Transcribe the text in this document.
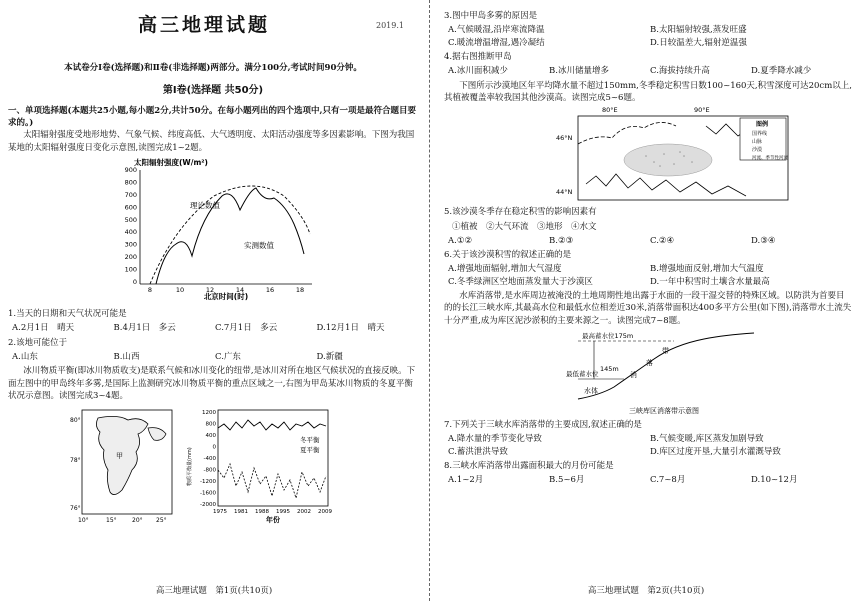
高三地理试题	2019.1
本试卷分Ⅰ卷(选择题)和Ⅱ卷(非选择题)两部分。满分100分,考试时间90分钟。
第Ⅰ卷(选择题 共50分)
一、单项选择题(本题共25小题,每小题2分,共计50分。在每小题列出的四个选项中,只有一项是最符合题目要求的。)
太阳辐射强度受地形地势、气象气候、纬度高低、大气透明度、太阳活动强度等多因素影响。下图为我国某地的太阳辐射强度日变化示意图,读图完成1~2题。
太阳辐射强度(W/m²)
900
800
700
600
500
400
300
200
100
0
8	10	12	14	16	18
理论数值
实测数值
北京时间(时)
1.当天的日期和天气状况可能是
A.2月1日　晴天	B.4月1日　多云	C.7月1日　多云	D.12月1日　晴天
2.该地可能位于
A.山东	B.山西	C.广东	D.新疆
冰川物质平衡(即冰川物质收支)是联系气候和冰川变化的纽带,是冰川对所在地区气候状况的直接反映。下面左图中的甲岛终年多雾,是国际上监测研究冰川物质平衡的重点区域之一,右图为甲岛某冰川物质的冬夏平衡状况示意图。读图完成3~4题。
80°
78°
76°
10°	15°	20° 25°
甲
1200
800
400
0
-400
-800
-1200
-1600
-2000
1975 1981 1988 1995 2002 2009
冬平衡
夏平衡
年份
物质平衡量(mm)
高三地理试题　第1页(共10页)
3.图中甲岛多雾的原因是
A.气候暖湿,沿岸寒流降温	B.太阳辐射较强,蒸发旺盛
C.暖流增温增湿,遇冷凝结	D.日较温差大,辐射逆温强
4.据右图推断甲岛
A.冰川面积减少	B.冰川储量增多	C.海拔持续升高	D.夏季降水减少
下图所示沙漠地区年平均降水量不超过150mm,冬季稳定积雪日数100~160天,积雪深度可达20cm以上,其植被覆盖率较我国其他沙漠高。读图完成5~6题。
80°E	90°E
46°N
44°N
图例
国界线
山脉
沙漠
河流、季节性河流
5.该沙漠冬季存在稳定积雪的影响因素有
①植被　②大气环流　③地形　④水文
A.①②	B.②③	C.②④	D.③④
6.关于该沙漠积雪的叙述正确的是
A.增强地面辐射,增加大气湿度	B.增强地面反射,增加大气温度
C.冬季绿洲区空地面蒸发量大于沙漠区	D.一年中积雪时土壤含水量最高
水库消落带,是水库周边被淹没的土地周期性地出露于水面的一段干湿交替的特殊区域。以防洪为首要目的的长江三峡水库,其最高水位和最低水位相差近30米,消落带面积达400多平方公里(如下图),消落带水土流失十分严重,成为库区泥沙淤积的主要来源之一。读图完成7~8题。
最高蓄水位175m
最低蓄水位
145m
水体
消
落
带
三峡库区消落带示意图
7.下列关于三峡水库消落带的主要成因,叙述正确的是
A.降水量的季节变化导致	B.气候变暖,库区蒸发加剧导致
C.蓄洪泄洪导致	D.库区过度开垦,大量引水灌溉导致
8.三峡水库消落带出露面积最大的月份可能是
A.1~2月	B.5~6月	C.7~8月	D.10~12月
高三地理试题　第2页(共10页)
